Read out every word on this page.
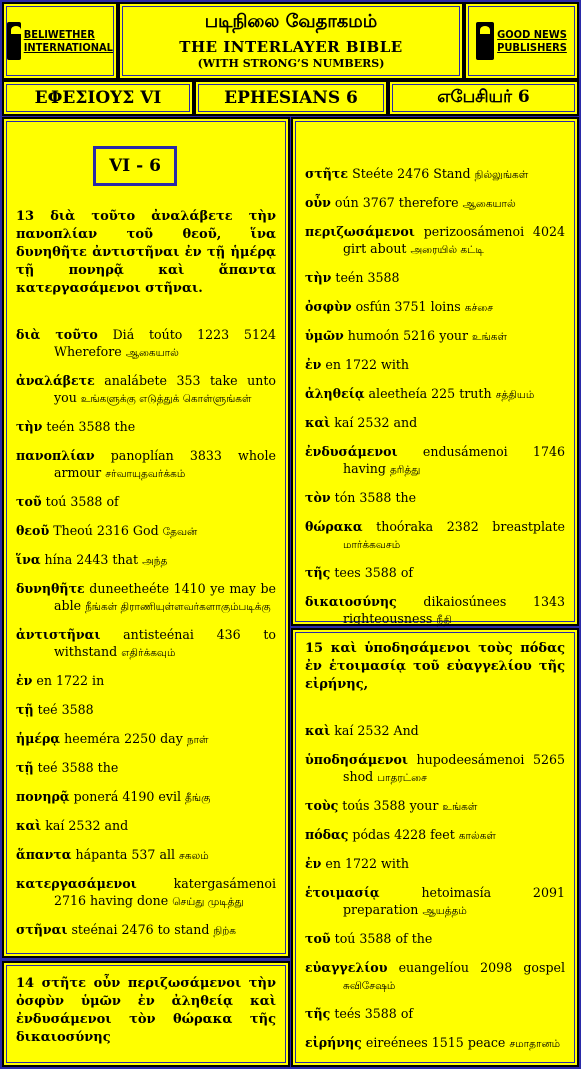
BELlWETHER
INTERNATIONAL
படிநிலை வேதாகமம்
THE INTERLAYER BIBLE
(WITH STRONG’S NUMBERS)
GOOD NEWS
PUBLISHERS
ΕΦΕΣΙΟΥΣ VI	EPHESIANS 6	எபேசியர் 6

13 διὰ τοῦτο ἀναλάβετε τὴν πανοπλίαν τοῦ θεοῦ, ἵνα δυνηθῆτε ἀντιστῆναι ἐν τῇ ἡμέρᾳ τῇ πονηρᾷ καὶ ἅπαντα κατεργασάμενοι στῆναι.

διὰ τοῦτο Diá toúto 1223 5124 Wherefore ஆகையால்

ἀναλάβετε analábete 353 take unto you உங்களுக்கு எடுத்துக் கொள்ளுங்கள்

τὴν teén 3588 the

πανοπλίαν panoplían 3833 whole armour சர்வாயுதவர்க்கம்

τοῦ toú 3588 of

θεοῦ Theoú 2316 God தேவன்

ἵνα hína 2443 that அந்த

δυνηθῆτε duneetheéte 1410 ye may be able நீங்கள் திராணியுள்ளவர்களாகும்படிக்கு

ἀντιστῆναι antisteénai 436 to withstand எதிர்க்கவும்

ἐν en 1722 in

τῇ teé 3588

ἡμέρᾳ heeméra 2250 day நாள்

τῇ teé 3588 the

πονηρᾷ ponerá 4190 evil தீங்கு

καὶ kaí 2532 and

ἅπαντα hápanta 537 all சகலம்

κατεργασάμενοι	katergasámenoi 2716 having done செய்து முடித்து

στῆναι steénai 2476 to stand நிற்க

VI - 6

14 στῆτε οὖν περιζωσάμενοι τὴν ὀσφὺν ὑμῶν ἐν ἀληθείᾳ καὶ ἐνδυσάμενοι τὸν θώρακα τῆς δικαιοσύνης

στῆτε Steéte 2476 Stand நில்லுங்கள்

οὖν oún 3767 therefore ஆகையால்

περιζωσάμενοι perizoosámenoi 4024 girt about அரையில் கட்டி

τὴν teén 3588

ὀσφὺν osfún 3751 loins கச்சை

ὑμῶν humoón 5216 your உங்கள்

ἐν en 1722 with

ἀληθείᾳ aleetheía 225 truth சத்தியம்

καὶ kaí 2532 and

ἐνδυσάμενοι endusámenoi 1746 having தரித்து

τὸν tón 3588 the

θώρακα thoóraka 2382 breastplate மார்க்கவசம்

τῆς tees 3588 of

δικαιοσύνης dikaiosúnees 1343 righteousness நீதி

15 καὶ ὑποδησάμενοι τοὺς πόδας ἐν ἑτοιμασίᾳ τοῦ εὐαγγελίου τῆς εἰρήνης,

καὶ kaí 2532 And

ὑποδησάμενοι hupodeesámenoi 5265 shod பாதரட்சை

τοὺς toús 3588 your உங்கள்

πόδας pódas 4228 feet கால்கள்

ἐν en 1722 with

ἑτοιμασίᾳ	hetoimasía 2091 preparation ஆயத்தம்

τοῦ toú 3588 of the

εὐαγγελίου euangelíou 2098 gospel சுவிசேஷம்

τῆς teés 3588 of

εἰρήνης eireénees 1515 peace சமாதானம்
